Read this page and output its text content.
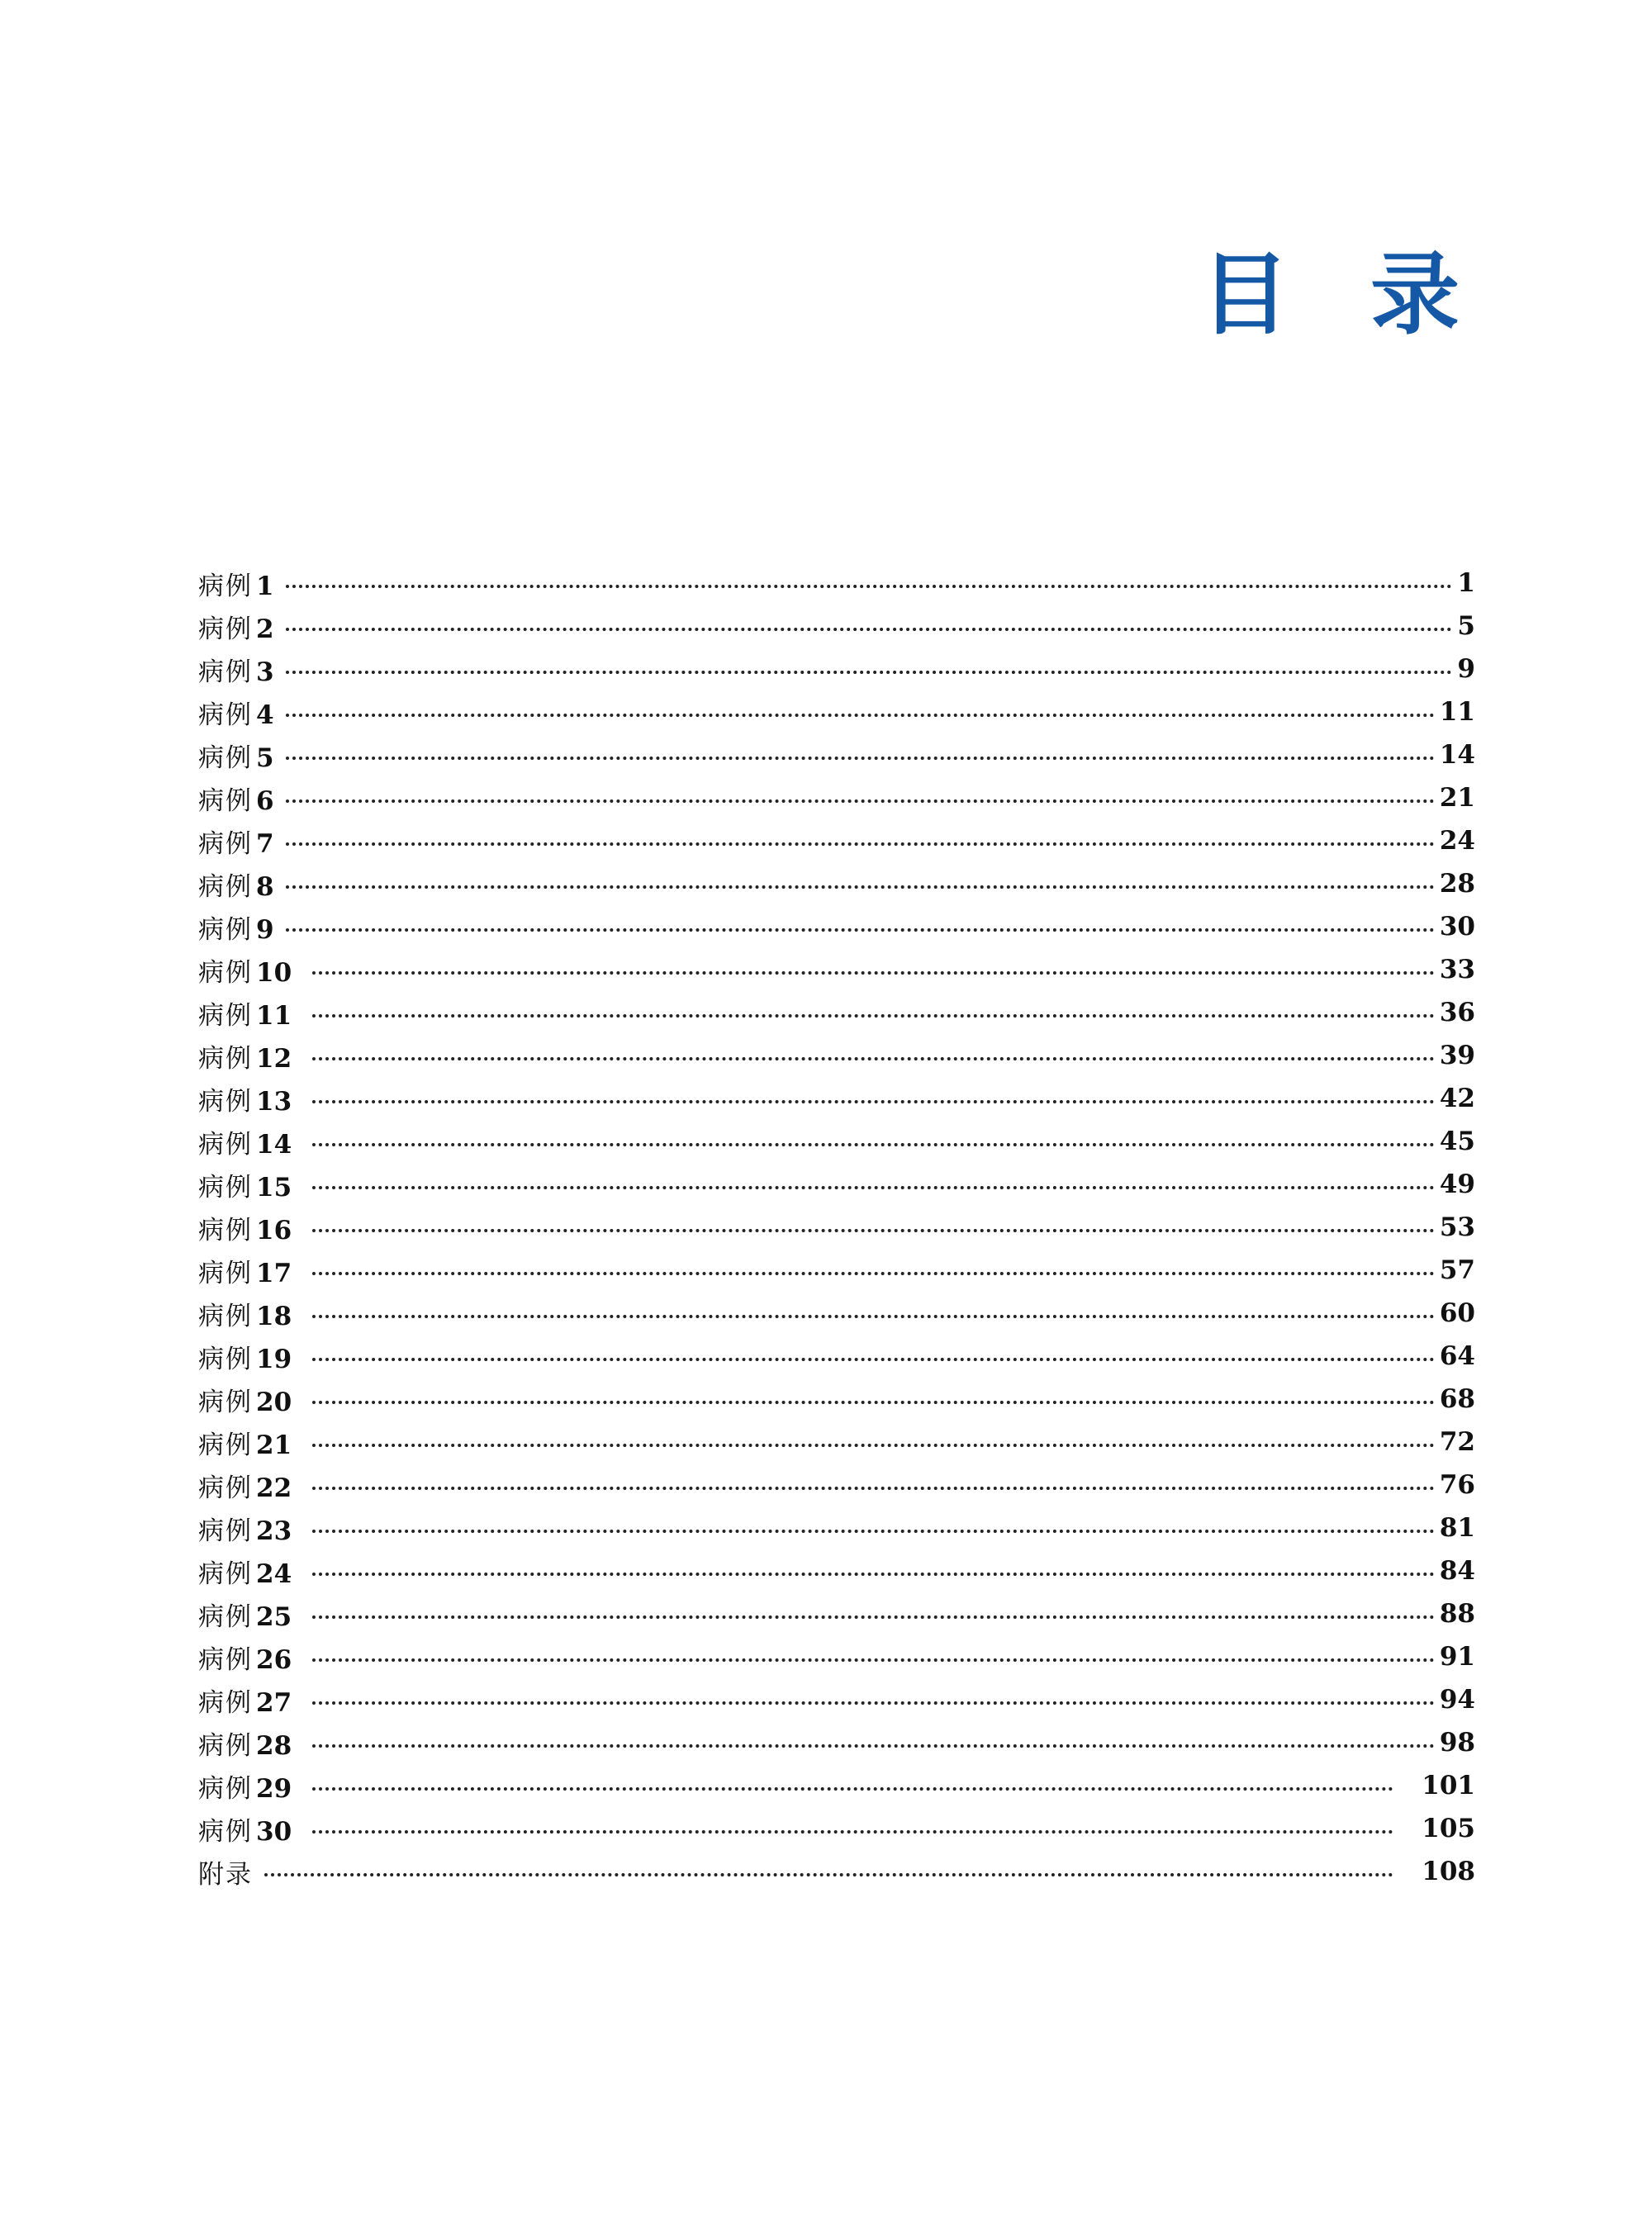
目 录
病例 1	1
病例 2	5
病例 3	9
病例 4	11
病例 5	14
病例 6	21
病例 7	24
病例 8	28
病例 9	30
病例 10	33
病例 11	36
病例 12	39
病例 13	42
病例 14	45
病例 15	49
病例 16	53
病例 17	57
病例 18	60
病例 19	64
病例 20	68
病例 21	72
病例 22	76
病例 23	81
病例 24	84
病例 25	88
病例 26	91
病例 27	94
病例 28	98
病例 29	101
病例 30	105
附录	108
